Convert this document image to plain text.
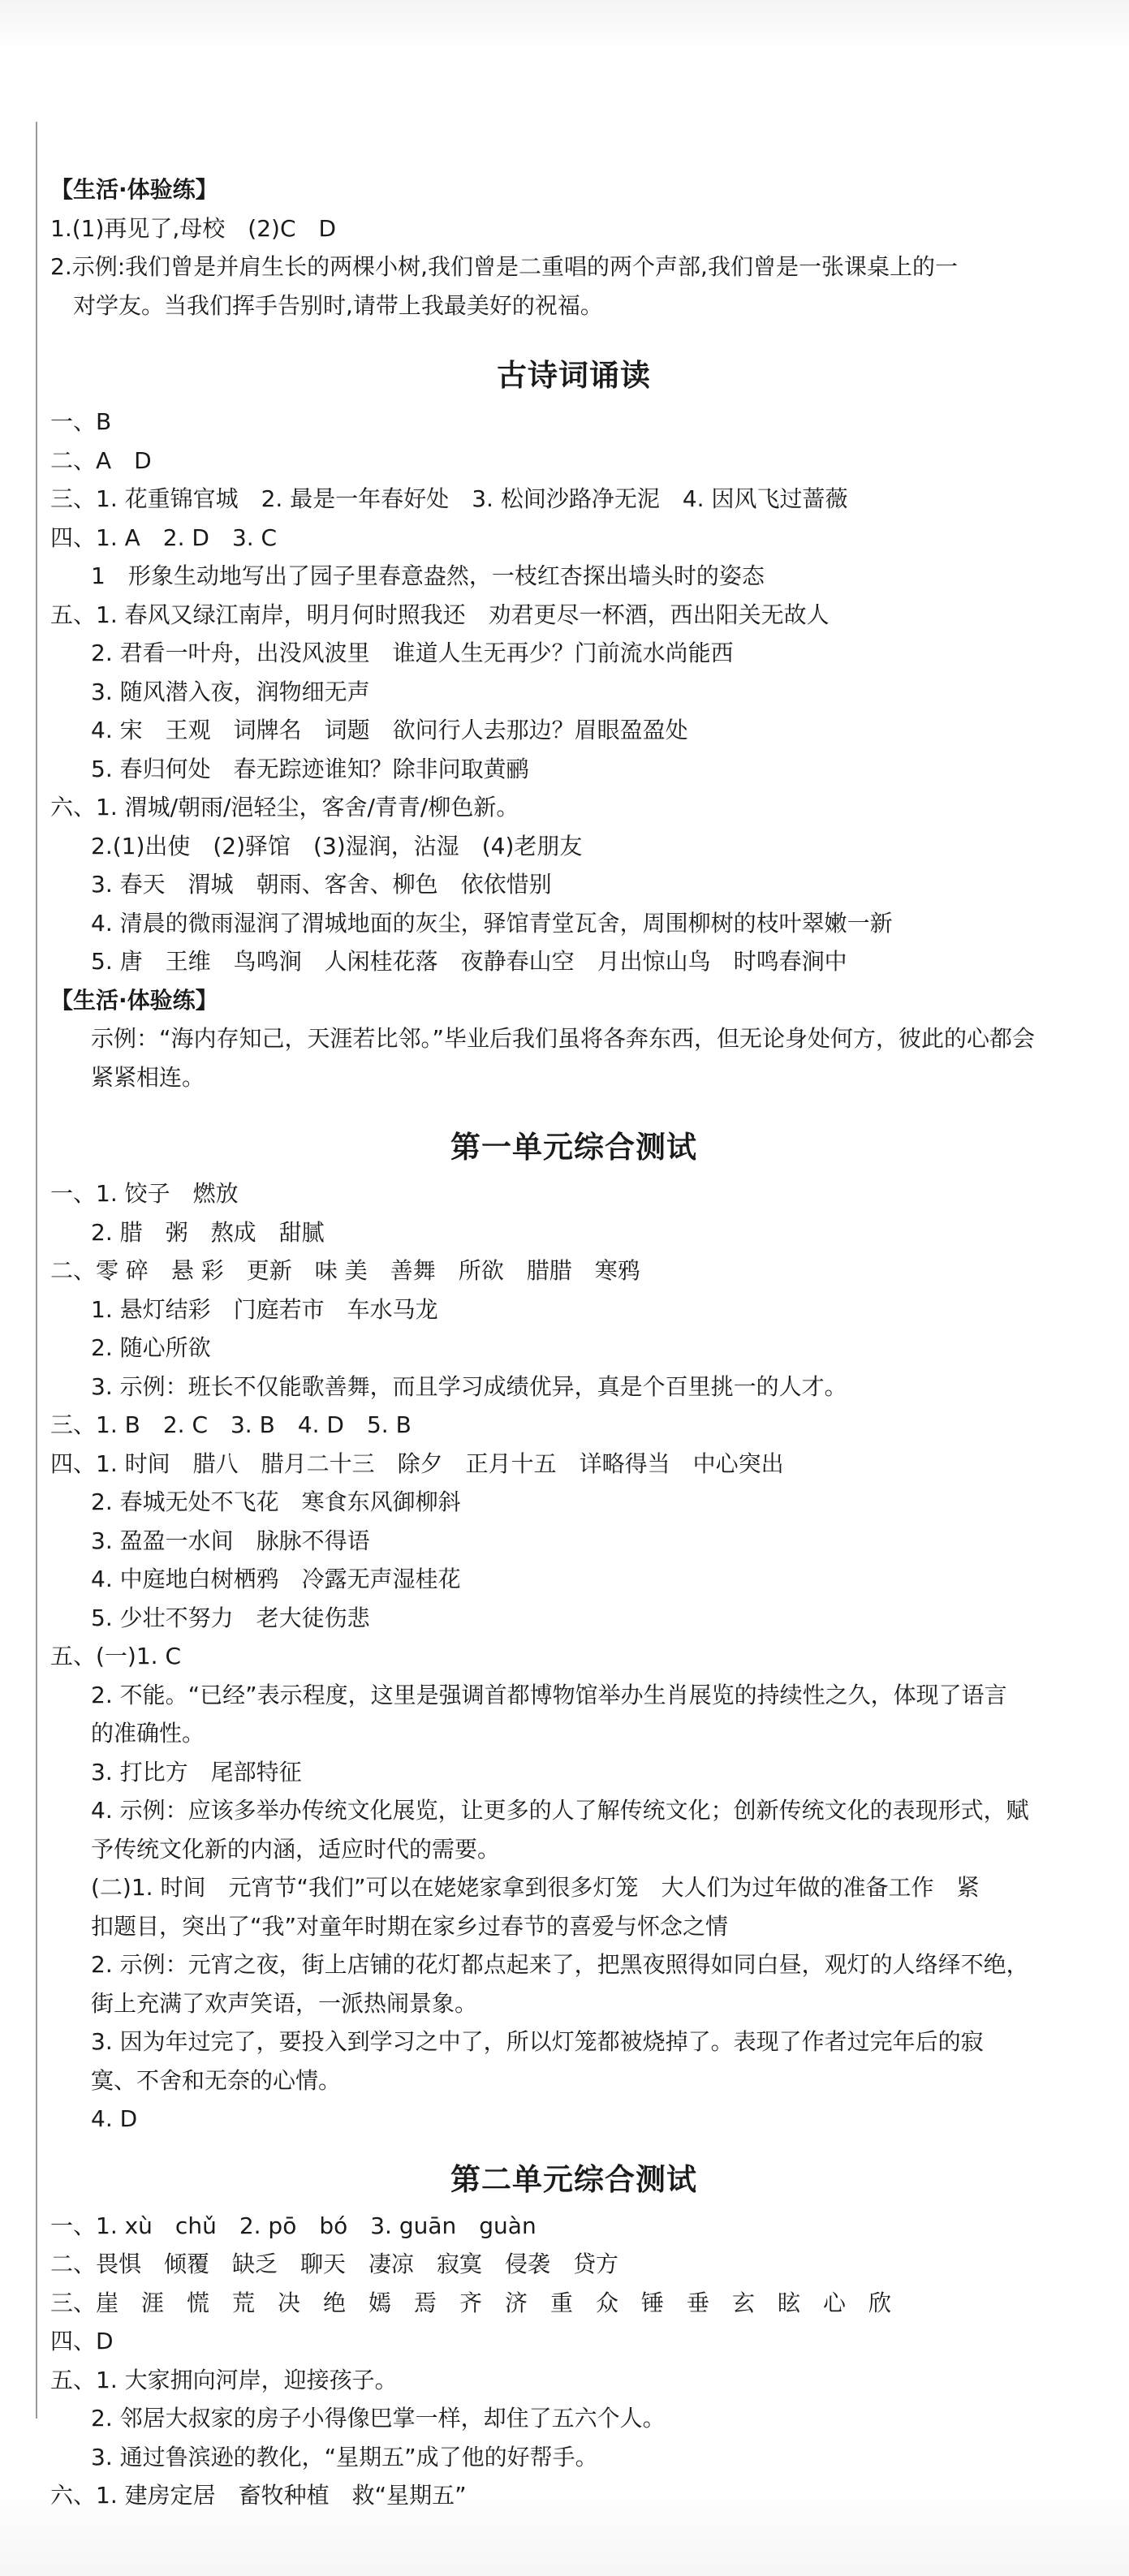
【生活·体验练】
1.(1)再见了,母校　(2)C　D
2.示例:我们曾是并肩生长的两棵小树,我们曾是二重唱的两个声部,我们曾是一张课桌上的一
　对学友。当我们挥手告别时,请带上我最美好的祝福。
古诗词诵读
一、B
二、A　D
三、1. 花重锦官城　2. 最是一年春好处　3. 松间沙路净无泥　4. 因风飞过蔷薇
四、1. A　2. D　3. C
1　形象生动地写出了园子里春意盎然，一枝红杏探出墙头时的姿态
五、1. 春风又绿江南岸，明月何时照我还　劝君更尽一杯酒，西出阳关无故人
2. 君看一叶舟，出没风波里　谁道人生无再少？门前流水尚能西
3. 随风潜入夜，润物细无声
4. 宋　王观　词牌名　词题　欲问行人去那边？眉眼盈盈处
5. 春归何处　春无踪迹谁知？除非问取黄鹂
六、1. 渭城/朝雨/浥轻尘，客舍/青青/柳色新。
2.(1)出使　(2)驿馆　(3)湿润，沾湿　(4)老朋友
3. 春天　渭城　朝雨、客舍、柳色　依依惜别
4. 清晨的微雨湿润了渭城地面的灰尘，驿馆青堂瓦舍，周围柳树的枝叶翠嫩一新
5. 唐　王维　鸟鸣涧　人闲桂花落　夜静春山空　月出惊山鸟　时鸣春涧中
【生活·体验练】
示例：“海内存知己，天涯若比邻。”毕业后我们虽将各奔东西，但无论身处何方，彼此的心都会
紧紧相连。
第一单元综合测试
一、1. 饺子　燃放
2. 腊　粥　熬成　甜腻
二、零 碎　悬 彩　更新　味 美　善舞　所欲　腊腊　寒鸦
1. 悬灯结彩　门庭若市　车水马龙
2. 随心所欲
3. 示例：班长不仅能歌善舞，而且学习成绩优异，真是个百里挑一的人才。
三、1. B　2. C　3. B　4. D　5. B
四、1. 时间　腊八　腊月二十三　除夕　正月十五　详略得当　中心突出
2. 春城无处不飞花　寒食东风御柳斜
3. 盈盈一水间　脉脉不得语
4. 中庭地白树栖鸦　冷露无声湿桂花
5. 少壮不努力　老大徒伤悲
五、(一)1. C
2. 不能。“已经”表示程度，这里是强调首都博物馆举办生肖展览的持续性之久，体现了语言
的准确性。
3. 打比方　尾部特征
4. 示例：应该多举办传统文化展览，让更多的人了解传统文化；创新传统文化的表现形式，赋
予传统文化新的内涵，适应时代的需要。
(二)1. 时间　元宵节“我们”可以在姥姥家拿到很多灯笼　大人们为过年做的准备工作　紧
扣题目，突出了“我”对童年时期在家乡过春节的喜爱与怀念之情
2. 示例：元宵之夜，街上店铺的花灯都点起来了，把黑夜照得如同白昼，观灯的人络绎不绝，
街上充满了欢声笑语，一派热闹景象。
3. 因为年过完了，要投入到学习之中了，所以灯笼都被烧掉了。表现了作者过完年后的寂
寞、不舍和无奈的心情。
4. D
第二单元综合测试
一、1. xù　chǔ　2. pō　bó　3. guān　guàn
二、畏惧　倾覆　缺乏　聊天　凄凉　寂寞　侵袭　贷方
三、崖　涯　慌　荒　决　绝　嫣　焉　齐　济　重　众　锤　垂　玄　眩　心　欣
四、D
五、1. 大家拥向河岸，迎接孩子。
2. 邻居大叔家的房子小得像巴掌一样，却住了五六个人。
3. 通过鲁滨逊的教化，“星期五”成了他的好帮手。
六、1. 建房定居　畜牧种植　救“星期五”
